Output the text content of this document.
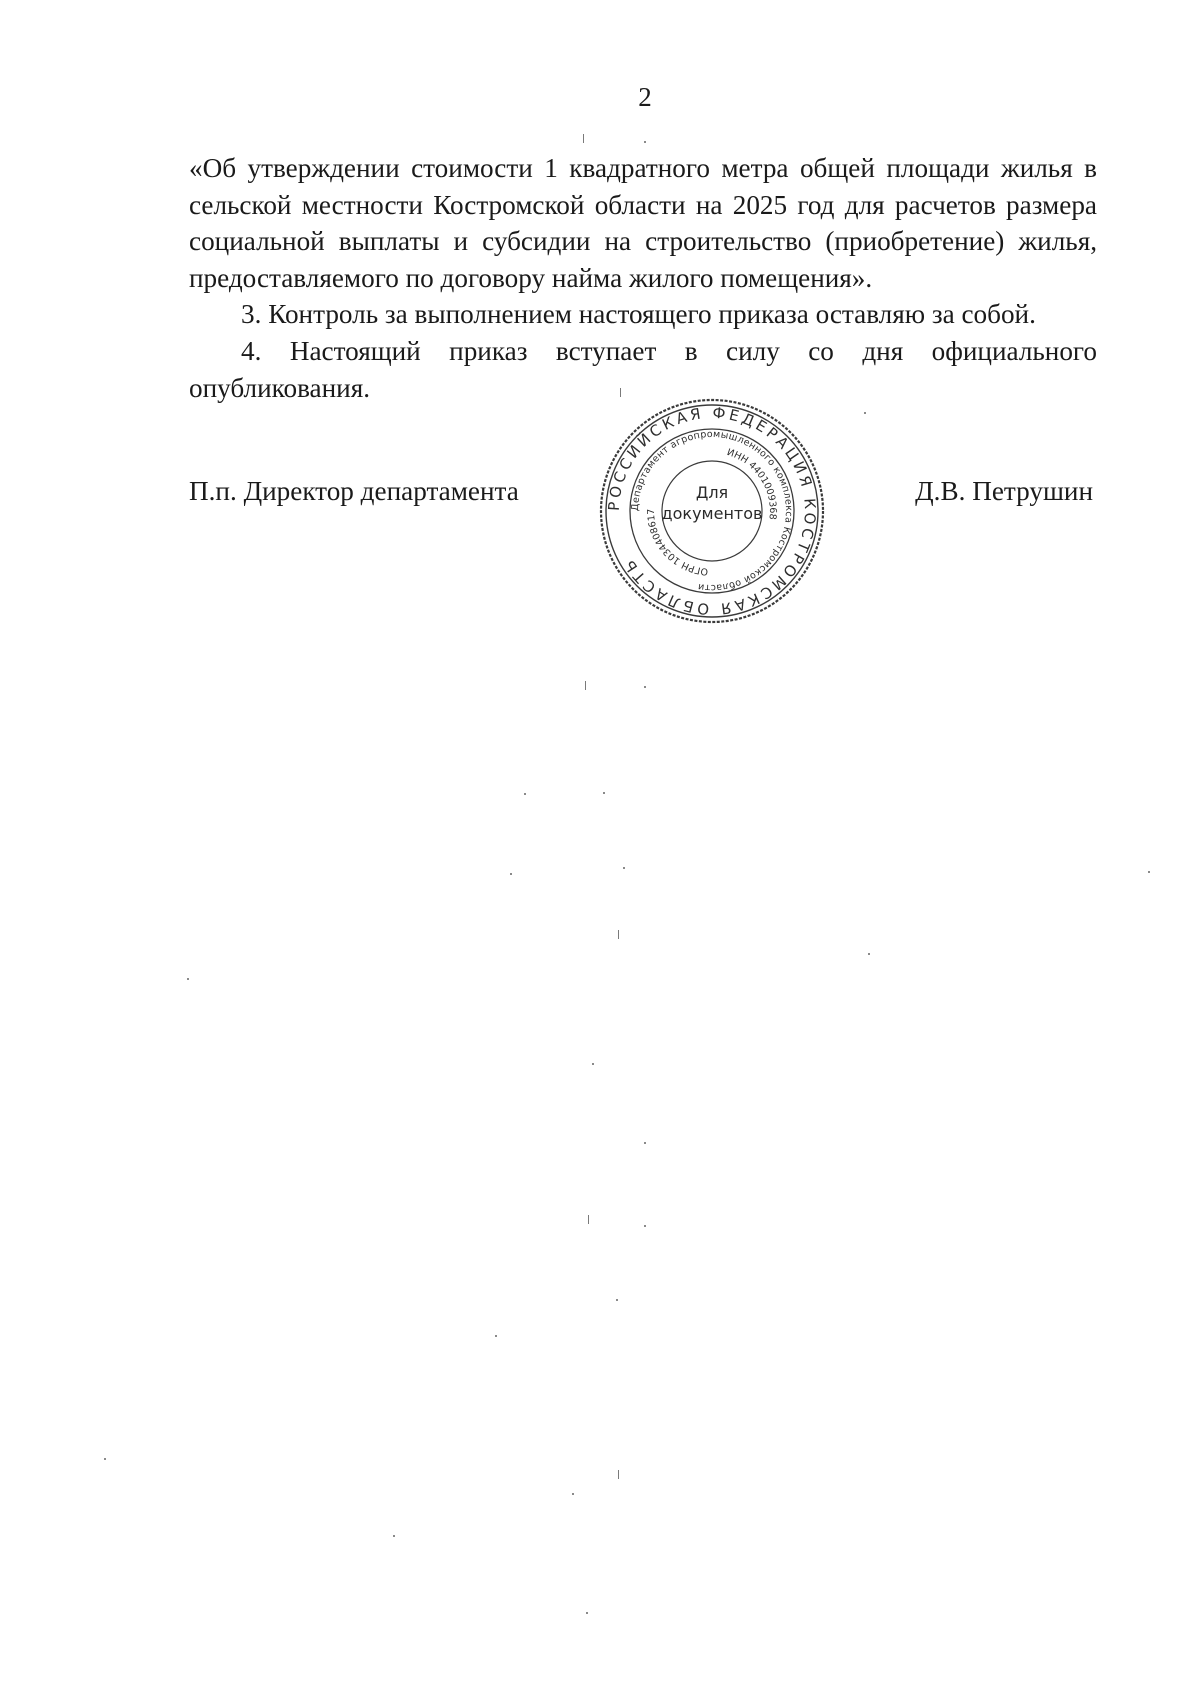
2

«Об утверждении стоимости 1 квадратного метра общей площади жилья в сельской местности Костромской области на 2025 год для расчетов размера социальной выплаты и субсидии на строительство (приобретение) жилья, предоставляемого по договору найма жилого помещения».

3. Контроль за выполнением настоящего приказа оставляю за собой.

4. Настоящий приказ вступает в силу со дня официального опубликования.

П.п. Директор департамента	Д.В. Петрушин
РОССИЙСКАЯ ФЕДЕРАЦИЯ КОСТРОМСКАЯ ОБЛАСТЬ
Департамент агропромышленного комплекса Костромской области
ИНН 4401009368
ОГРН 1034408617
Для
документов
